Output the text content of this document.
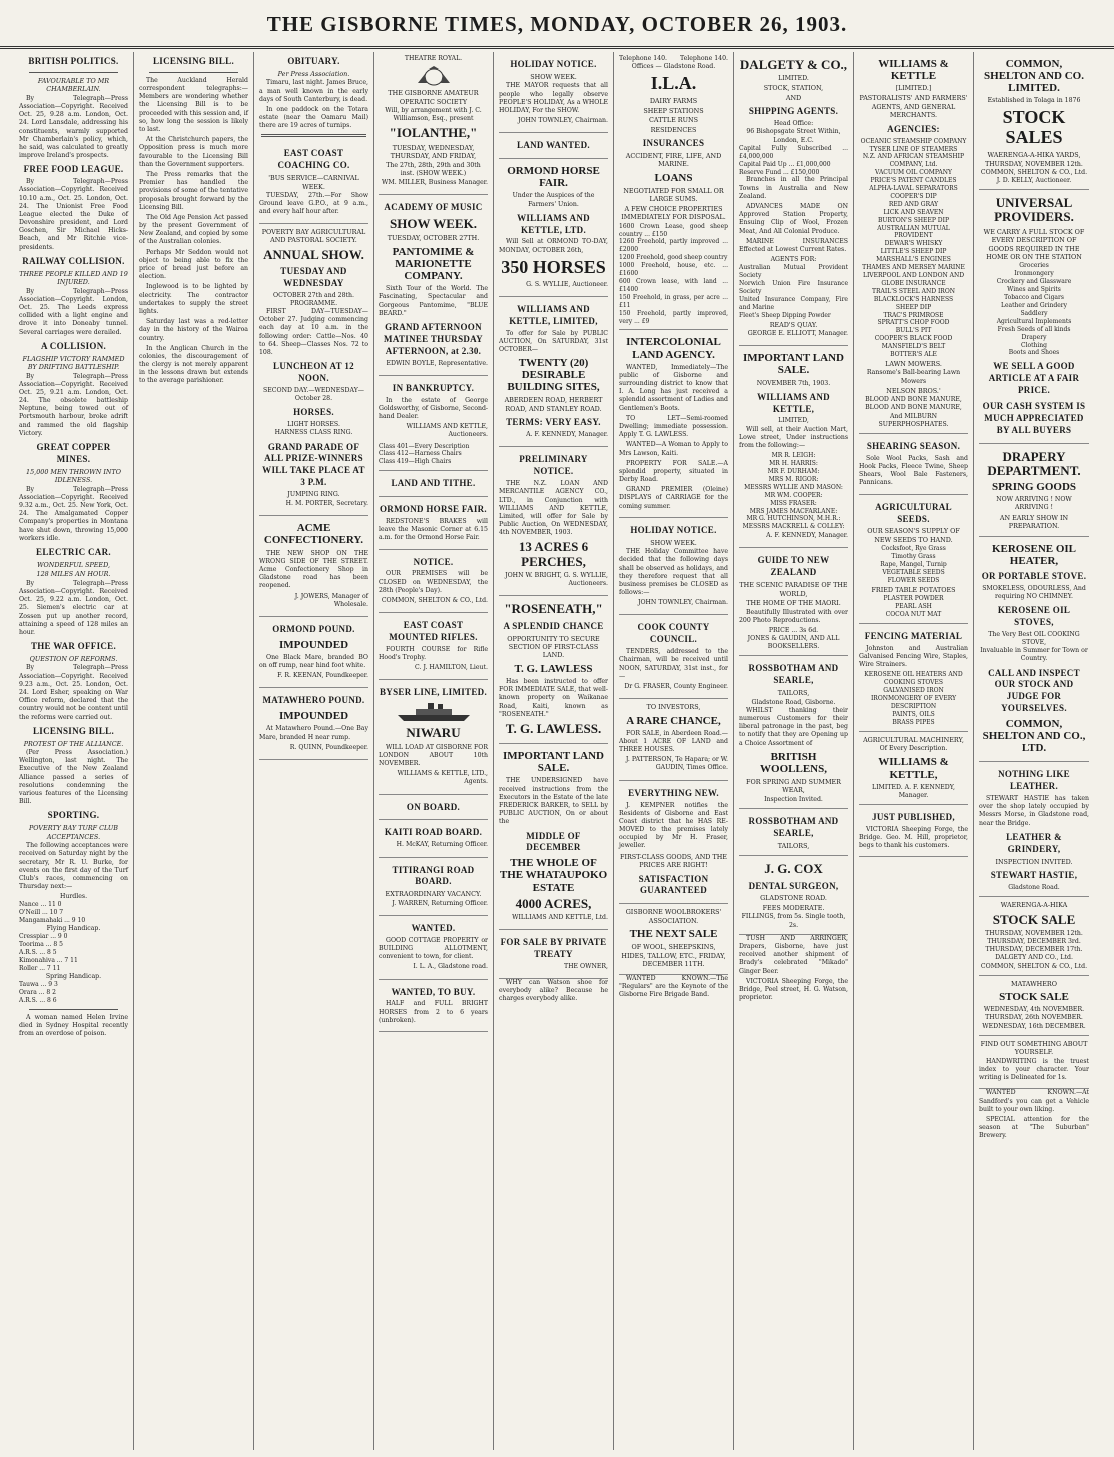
THE GISBORNE TIMES, MONDAY, OCTOBER 26, 1903.
BRITISH POLITICS.
FAVOURABLE TO MR CHAMBERLAIN.

By Telegraph—Press Association—Copyright. Received Oct. 25, 9.28 a.m. London, Oct. 24. Lord Lansdale, addressing his constituents, warmly supported Mr Chamberlain's policy, which, he said, was calculated to greatly improve Ireland's prospects.

FREE FOOD LEAGUE.

By Telegraph—Press Association—Copyright. Received 10.10 a.m., Oct. 25. London, Oct. 24. The Unionist Free Food League elected the Duke of Devonshire president, and Lord Goschen, Sir Michael Hicks-Beach, and Mr Ritchie vice-presidents.

RAILWAY COLLISION.
THREE PEOPLE KILLED AND 19 INJURED.

By Telegraph—Press Association—Copyright. London, Oct. 25. The Leeds express collided with a light engine and drove it into Doneaby tunnel. Several carriages were derailed.

A COLLISION.
FLAGSHIP VICTORY RAMMED BY DRIFTING BATTLESHIP.

By Telegraph—Press Association—Copyright. Received Oct. 25, 9.21 a.m. London, Oct. 24. The obsolete battleship Neptune, being towed out of Portsmouth harbour, broke adrift and rammed the old flagship Victory.

GREAT COPPER MINES.
15,000 MEN THROWN INTO IDLENESS.

By Telegraph—Press Association—Copyright. Received 9.32 a.m., Oct. 25. New York, Oct. 24. The Amalgamated Copper Company's properties in Montana have shut down, throwing 15,000 workers idle.

ELECTRIC CAR.
WONDERFUL SPEED,
128 MILES AN HOUR.

By Telegraph—Press Association—Copyright. Received Oct. 25, 9.22 a.m. London, Oct. 25. Siemen's electric car at Zossen put up another record, attaining a speed of 128 miles an hour.

THE WAR OFFICE.
QUESTION OF REFORMS.

By Telegraph—Press Association—Copyright. Received 9.23 a.m., Oct. 25. London, Oct. 24. Lord Esher, speaking on War Office reform, declared that the country would not be content until the reforms were carried out.

LICENSING BILL.
PROTEST OF THE ALLIANCE.

(Per Press Association.) Wellington, last night. The Executive of the New Zealand Alliance passed a series of resolutions condemning the various features of the Licensing Bill.

SPORTING.
POVERTY BAY TURF CLUB ACCEPTANCES.

The following acceptances were received on Saturday night by the secretary, Mr R. U. Burke, for events on the first day of the Turf Club's races, commencing on Thursday next:—

Hurdles.

Nance ... 11 0

O'Neill ... 10 7

Mangamahaki ... 9 10

Flying Handicap.

Cresspiar ... 9 0

Toorima ... 8 5

A.R.S. ... 8 5

Kimonahiva ... 7 11

Roller ... 7 11

Spring Handicap.

Tauwa ... 9 3

Orara ... 8 2

A.R.S. ... 8 6

A woman named Helen Irvine died in Sydney Hospital recently from an overdose of poison.

LICENSING BILL.

The Auckland Herald correspondent telegraphs:—Members are wondering whether the Licensing Bill is to be proceeded with this session and, if so, how long the session is likely to last.

At the Christchurch papers, the Opposition press is much more favourable to the Licensing Bill than the Government supporters.

The Press remarks that the Premier has handled the provisions of some of the tentative proposals brought forward by the Licensing Bill.

The Old Age Pension Act passed by the present Government of New Zealand, and copied by some of the Australian colonies.

Perhaps Mr Seddon would not object to being able to fix the price of bread just before an election.

Inglewood is to be lighted by electricity. The contractor undertakes to supply the street lights.

Saturday last was a red-letter day in the history of the Wairoa country.

In the Anglican Church in the colonies, the discouragement of the clergy is not merely apparent in the lessons drawn but extends to the average parishioner.

OBITUARY.
Per Press Association.

Timaru, last night. James Bruce, a man well known in the early days of South Canterbury, is dead.

In one paddock on the Totara estate (near the Oamaru Mail) there are 19 acres of turnips.

EAST COAST COACHING CO.
'BUS SERVICE—CARNIVAL WEEK.

TUESDAY, 27th.—For Show Ground leave G.P.O., at 9 a.m., and every half hour after.

POVERTY BAY AGRICULTURAL AND PASTORAL SOCIETY.
ANNUAL SHOW.
TUESDAY AND WEDNESDAY
OCTOBER 27th and 28th.
PROGRAMME.

FIRST DAY—TUESDAY—October 27. Judging commencing each day at 10 a.m. in the following order: Cattle—Nos. 40 to 64. Sheep—Classes Nos. 72 to 108.

LUNCHEON AT 12 NOON.
SECOND DAY.—WEDNESDAY—October 28.
HORSES.
LIGHT HORSES.
HARNESS CLASS RING.
GRAND PARADE OF ALL PRIZE-WINNERS WILL TAKE PLACE AT 3 P.M.
JUMPING RING.
H. M. PORTER, Secretary.
ACME CONFECTIONERY.

THE NEW SHOP ON THE WRONG SIDE OF THE STREET. Acme Confectionery Shop in Gladstone road has been reopened.

J. JOWERS, Manager of Wholesale.
ORMOND POUND.
IMPOUNDED

One Black Mare, branded BO on off rump, near hind foot white.

F. R. KEENAN, Poundkeeper.
MATAWHERO POUND.
IMPOUNDED

At Matawhero Pound.—One Bay Mare, branded H near rump.

R. QUINN, Poundkeeper.
THEATRE ROYAL.
THE GISBORNE AMATEUR OPERATIC SOCIETY
Will, by arrangement with J. C. Williamson, Esq., present
"IOLANTHE,"
TUESDAY, WEDNESDAY, THURSDAY, AND FRIDAY,
The 27th, 28th, 29th and 30th inst. (SHOW WEEK.)
WM. MILLER, Business Manager.
ACADEMY OF MUSIC
SHOW WEEK.
TUESDAY, OCTOBER 27TH.
PANTOMIME & MARIONETTE COMPANY.

Sixth Tour of the World. The Fascinating, Spectacular and Gorgeous Pantomime, "BLUE BEARD."

GRAND AFTERNOON MATINEE THURSDAY AFTERNOON, at 2.30.
EDWIN BOYLE, Representative.
IN BANKRUPTCY.

In the estate of George Goldsworthy, of Gisborne, Second-hand Dealer.

WILLIAMS AND KETTLE, Auctioneers.

Class 401—Every Description

Class 412—Harness Chairs

Class 419—High Chairs

LAND AND TITHE.
ORMOND HORSE FAIR.

REDSTONE'S BRAKES will leave the Masonic Corner at 6.15 a.m. for the Ormond Horse Fair.

NOTICE.

OUR PREMISES will be CLOSED on WEDNESDAY, the 28th (People's Day).

COMMON, SHELTON & CO., Ltd.
EAST COAST MOUNTED RIFLES.

FOURTH COURSE for Rifle Hood's Trophy.

C. J. HAMILTON, Lieut.
BYSER LINE, LIMITED.
NIWARU

WILL LOAD AT GISBORNE FOR LONDON ABOUT 10th NOVEMBER.

WILLIAMS & KETTLE, LTD., Agents.
ON BOARD.
KAITI ROAD BOARD.
H. McKAY, Returning Officer.
TITIRANGI ROAD BOARD.
EXTRAORDINARY VACANCY.
J. WARREN, Returning Officer.
WANTED.

GOOD COTTAGE PROPERTY or BUILDING ALLOTMENT, convenient to town, for client.

I. L. A., Gladstone road.
WANTED, TO BUY.

HALF and FULL BRIGHT HORSES from 2 to 6 years (unbroken).

HOLIDAY NOTICE.
SHOW WEEK.

THE MAYOR requests that all people who legally observe PEOPLE'S HOLIDAY, As a WHOLE HOLIDAY, For the SHOW.

JOHN TOWNLEY, Chairman.
LAND WANTED.
ORMOND HORSE FAIR.
Under the Auspices of the Farmers' Union.
WILLIAMS AND KETTLE, LTD.

Will Sell at ORMOND TO-DAY, MONDAY, OCTOBER 26th,

350 HORSES
G. S. WYLLIE, Auctioneer.
WILLIAMS AND KETTLE, LIMITED,

To offer for Sale by PUBLIC AUCTION, On SATURDAY, 31st OCTOBER—

TWENTY (20) DESIRABLE BUILDING SITES,
ABERDEEN ROAD, HERBERT ROAD, AND STANLEY ROAD.
TERMS: VERY EASY.
A. F. KENNEDY, Manager.
PRELIMINARY NOTICE.

THE N.Z. LOAN AND MERCANTILE AGENCY CO., LTD., in Conjunction with WILLIAMS AND KETTLE, Limited, will offer for Sale by Public Auction, On WEDNESDAY, 4th NOVEMBER, 1903.

13 ACRES 6 PERCHES,
JOHN W. BRIGHT, G. S. WYLLIE, Auctioneers.
"ROSENEATH,"
A SPLENDID CHANCE
OPPORTUNITY TO SECURE SECTION OF FIRST-CLASS LAND.
T. G. LAWLESS

Has been instructed to offer FOR IMMEDIATE SALE, that well-known property on Waikanae Road, Kaiti, known as "ROSENEATH."

T. G. LAWLESS.
IMPORTANT LAND SALE.

THE UNDERSIGNED have received instructions from the Executors in the Estate of the late FREDERICK BARKER, to SELL by PUBLIC AUCTION, On or about the

MIDDLE OF DECEMBER
THE WHOLE OF THE WHATAUPOKO ESTATE
4000 ACRES,
WILLIAMS AND KETTLE, Ltd.
FOR SALE BY PRIVATE TREATY
THE OWNER,

WHY can Watson shoe for everybody alike? Because he charges everybody alike.

Telephone 140. Telephone 140.
Offices — Gladstone Road.
I.L.A.
DAIRY FARMS
SHEEP STATIONS
CATTLE RUNS
RESIDENCES
INSURANCES
ACCIDENT, FIRE, LIFE, AND MARINE.
LOANS
NEGOTIATED FOR SMALL OR LARGE SUMS.
A FEW CHOICE PROPERTIES IMMEDIATELY FOR DISPOSAL.

1600 Crown Lease, good sheep country ... £150

1260 Freehold, partly improved ... £2000

1200 Freehold, good sheep country

1000 Freehold, house, etc. ... £1600

600 Crown lease, with land ... £1400

150 Freehold, in grass, per acre ... £11

150 Freehold, partly improved, very ... £9

INTERCOLONIAL LAND AGENCY.

WANTED, Immediately—The public of Gisborne and surrounding district to know that I. A. Long has just received a splendid assortment of Ladies and Gentlemen's Boots.

TO LET—Semi-roomed Dwelling; immediate possession. Apply T. G. LAWLESS.

WANTED—A Woman to Apply to Mrs Lawson, Kaiti.

PROPERTY FOR SALE.—A splendid property, situated in Derby Road.

GRAND PREMIER (Oleine) DISPLAYS of CARRIAGE for the coming summer.

HOLIDAY NOTICE.
SHOW WEEK.

THE Holiday Committee have decided that the following days shall be observed as holidays, and they therefore request that all business premises be CLOSED as follows:—

JOHN TOWNLEY, Chairman.
COOK COUNTY COUNCIL.

TENDERS, addressed to the Chairman, will be received until NOON, SATURDAY, 31st inst., for—

Dr G. FRASER, County Engineer.
TO INVESTORS,
A RARE CHANCE,

FOR SALE, in Aberdeen Road.—About 1 ACRE OF LAND and THREE HOUSES.

J. PATTERSON, Te Hapara; or W. GAUDIN, Times Office.
EVERYTHING NEW.

J. KEMPNER notifies the Residents of Gisborne and East Coast district that he HAS RE-MOVED to the premises lately occupied by Mr H. Fraser, jeweller.

FIRST-CLASS GOODS, AND THE PRICES ARE RIGHT!
SATISFACTION GUARANTEED
GISBORNE WOOLBROKERS' ASSOCIATION.
THE NEXT SALE
OF WOOL, SHEEPSKINS, HIDES, TALLOW, ETC., FRIDAY, DECEMBER 11TH.

WANTED KNOWN.—The "Regulars" are the Keynote of the Gisborne Fire Brigade Band.

DALGETY & CO.,
LIMITED.
STOCK, STATION,
AND
SHIPPING AGENTS.
Head Office:
96 Bishopsgate Street Within, London, E.C.

Capital Fully Subscribed ... £4,000,000

Capital Paid Up ... £1,000,000

Reserve Fund ... £150,000

Branches in all the Principal Towns in Australia and New Zealand.

ADVANCES MADE ON Approved Station Property, Ensuing Clip of Wool, Frozen Meat, And All Colonial Produce.

MARINE INSURANCES Effected at Lowest Current Rates.

AGENTS FOR:

Australian Mutual Provident Society

Norwich Union Fire Insurance Society

United Insurance Company, Fire and Marine

Fleet's Sheep Dipping Powder

READ'S QUAY.
GEORGE E. ELLIOTT, Manager.
IMPORTANT LAND SALE.
NOVEMBER 7th, 1903.
WILLIAMS AND KETTLE,
LIMITED,

Will sell, at their Auction Mart, Lowe street, Under instructions from the following:—

MR R. LEIGH:

MR H. HARRIS:

MR F. DURHAM:

MRS M. RIGOR:

MESSRS WYLLIE AND MASON:

MR WM. COOPER:

MISS FRASER:

MRS JAMES MACFARLANE:

MR G. HUTCHINSON, M.H.R.:

MESSRS MACKRELL & COLLEY:

A. F. KENNEDY, Manager.
GUIDE TO NEW ZEALAND
THE SCENIC PARADISE OF THE WORLD,
THE HOME OF THE MAORI.

Beautifully Illustrated with over 200 Photo Reproductions.

PRICE ... 3s 6d.
JONES & GAUDIN, AND ALL BOOKSELLERS.
ROSSBOTHAM AND SEARLE,
TAILORS,
Gladstone Road, Gisborne.

WHILST thanking their numerous Customers for their liberal patronage in the past, beg to notify that they are Opening up a Choice Assortment of

BRITISH WOOLLENS,
FOR SPRING AND SUMMER WEAR,
Inspection Invited.
ROSSBOTHAM AND SEARLE,
TAILORS,
J. G. COX
DENTAL SURGEON,
GLADSTONE ROAD.
FEES MODERATE.
FILLINGS, from 5s. Single tooth, 2s.

TUSH AND ARRINGER, Drapers, Gisborne, have just received another shipment of Brady's celebrated "Mikado" Ginger Beer.

VICTORIA Sheeping Forge, the Bridge, Peel street, H. G. Watson, proprietor.

WILLIAMS & KETTLE
[LIMITED.]
PASTORALISTS' AND FARMERS' AGENTS, AND GENERAL MERCHANTS.
AGENCIES:

OCEANIC STEAMSHIP COMPANY

TYSER LINE OF STEAMERS

N.Z. AND AFRICAN STEAMSHIP COMPANY, Ltd.

VACUUM OIL COMPANY

PRICE'S PATENT CANDLES

ALPHA-LAVAL SEPARATORS

COOPER'S DIP

RED AND GRAY

LICK AND SEAVEN

BURTON'S SHEEP DIP

AUSTRALIAN MUTUAL PROVIDENT

DEWAR'S WHISKY

LITTLE'S SHEEP DIP

MARSHALL'S ENGINES

THAMES AND MERSEY MARINE

LIVERPOOL AND LONDON AND GLOBE INSURANCE

TRAIL'S STEEL AND IRON

BLACKLOCK'S HARNESS

SHEEP DIP

TRAC'S PRIMROSE

SPRATT'S CHOP FOOD

BULL'S PIT

COOPER'S BLACK FOOD

MANSFIELD'S BELT

BOTTER'S ALE

LAWN MOWERS.
Ransome's Ball-bearing Lawn Mowers
NELSON BROS.'
BLOOD AND BONE MANURE, BLOOD AND BONE MANURE, And MILBURN SUPERPHOSPHATES.
SHEARING SEASON.

Sole Wool Packs, Sash and Hook Packs, Fleece Twine, Sheep Shears, Wool Bale Fasteners, Pannicans.

AGRICULTURAL SEEDS.
OUR SEASON'S SUPPLY OF NEW SEEDS TO HAND.

Cocksfoot, Rye Grass

Timothy Grass

Rape, Mangel, Turnip

VEGETABLE SEEDS

FLOWER SEEDS

FRIED TABLE POTATOES

PLASTER POWDER

PEARL ASH

COCOA NUT MAT

FENCING MATERIAL

Johnston and Australian Galvanised Fencing Wire, Staples, Wire Strainers.

KEROSENE OIL HEATERS AND COOKING STOVES

GALVANISED IRON

IRONMONGERY OF EVERY DESCRIPTION

PAINTS, OILS

BRASS PIPES

AGRICULTURAL MACHINERY,
Of Every Description.
WILLIAMS & KETTLE,
LIMITED. A. F. KENNEDY, Manager.
JUST PUBLISHED,

VICTORIA Sheeping Forge, the Bridge. Geo. M. Hill, proprietor, begs to thank his customers.

COMMON, SHELTON AND CO. LIMITED.
Established in Tolaga in 1876
STOCK SALES
WAERENGA-A-HIKA YARDS,
THURSDAY, NOVEMBER 12th.
COMMON, SHELTON & CO., Ltd. J. D. KELLY, Auctioneer.
UNIVERSAL PROVIDERS.
WE CARRY A FULL STOCK OF EVERY DESCRIPTION OF GOODS REQUIRED IN THE HOME OR ON THE STATION

Groceries

Ironmongery

Crockery and Glassware

Wines and Spirits

Tobacco and Cigars

Leather and Grindery

Saddlery

Agricultural Implements

Fresh Seeds of all kinds

Drapery

Clothing

Boots and Shoes

WE SELL A GOOD ARTICLE AT A FAIR PRICE.
OUR CASH SYSTEM IS MUCH APPRECIATED BY ALL BUYERS
DRAPERY DEPARTMENT.
SPRING GOODS
NOW ARRIVING ! NOW ARRIVING !
AN EARLY SHOW IN PREPARATION.
KEROSENE OIL HEATER,
OR PORTABLE STOVE.
SMOKELESS, ODOURLESS, And requiring NO CHIMNEY.
KEROSENE OIL STOVES,
The Very Best OIL COOKING STOVE,
Invaluable in Summer for Town or Country.
CALL AND INSPECT OUR STOCK AND JUDGE FOR YOURSELVES.
COMMON, SHELTON AND CO., LTD.
NOTHING LIKE LEATHER.

STEWART HASTIE has taken over the shop lately occupied by Messrs Morse, in Gladstone road, near the Bridge.

LEATHER & GRINDERY,
INSPECTION INVITED.
STEWART HASTIE,
Gladstone Road.
WAERENGA-A-HIKA
STOCK SALE
THURSDAY, NOVEMBER 12th. THURSDAY, DECEMBER 3rd. THURSDAY, DECEMBER 17th.
DALGETY AND CO., Ltd. COMMON, SHELTON & CO., Ltd.
MATAWHERO
STOCK SALE
WEDNESDAY, 4th NOVEMBER. THURSDAY, 26th NOVEMBER. WEDNESDAY, 16th DECEMBER.
FIND OUT SOMETHING ABOUT YOURSELF.

HANDWRITING is the truest index to your character. Your writing is Delineated for 1s.

WANTED KNOWN.—At Sandford's you can get a Vehicle built to your own liking.

SPECIAL attention for the season at "The Suburban" Brewery.
